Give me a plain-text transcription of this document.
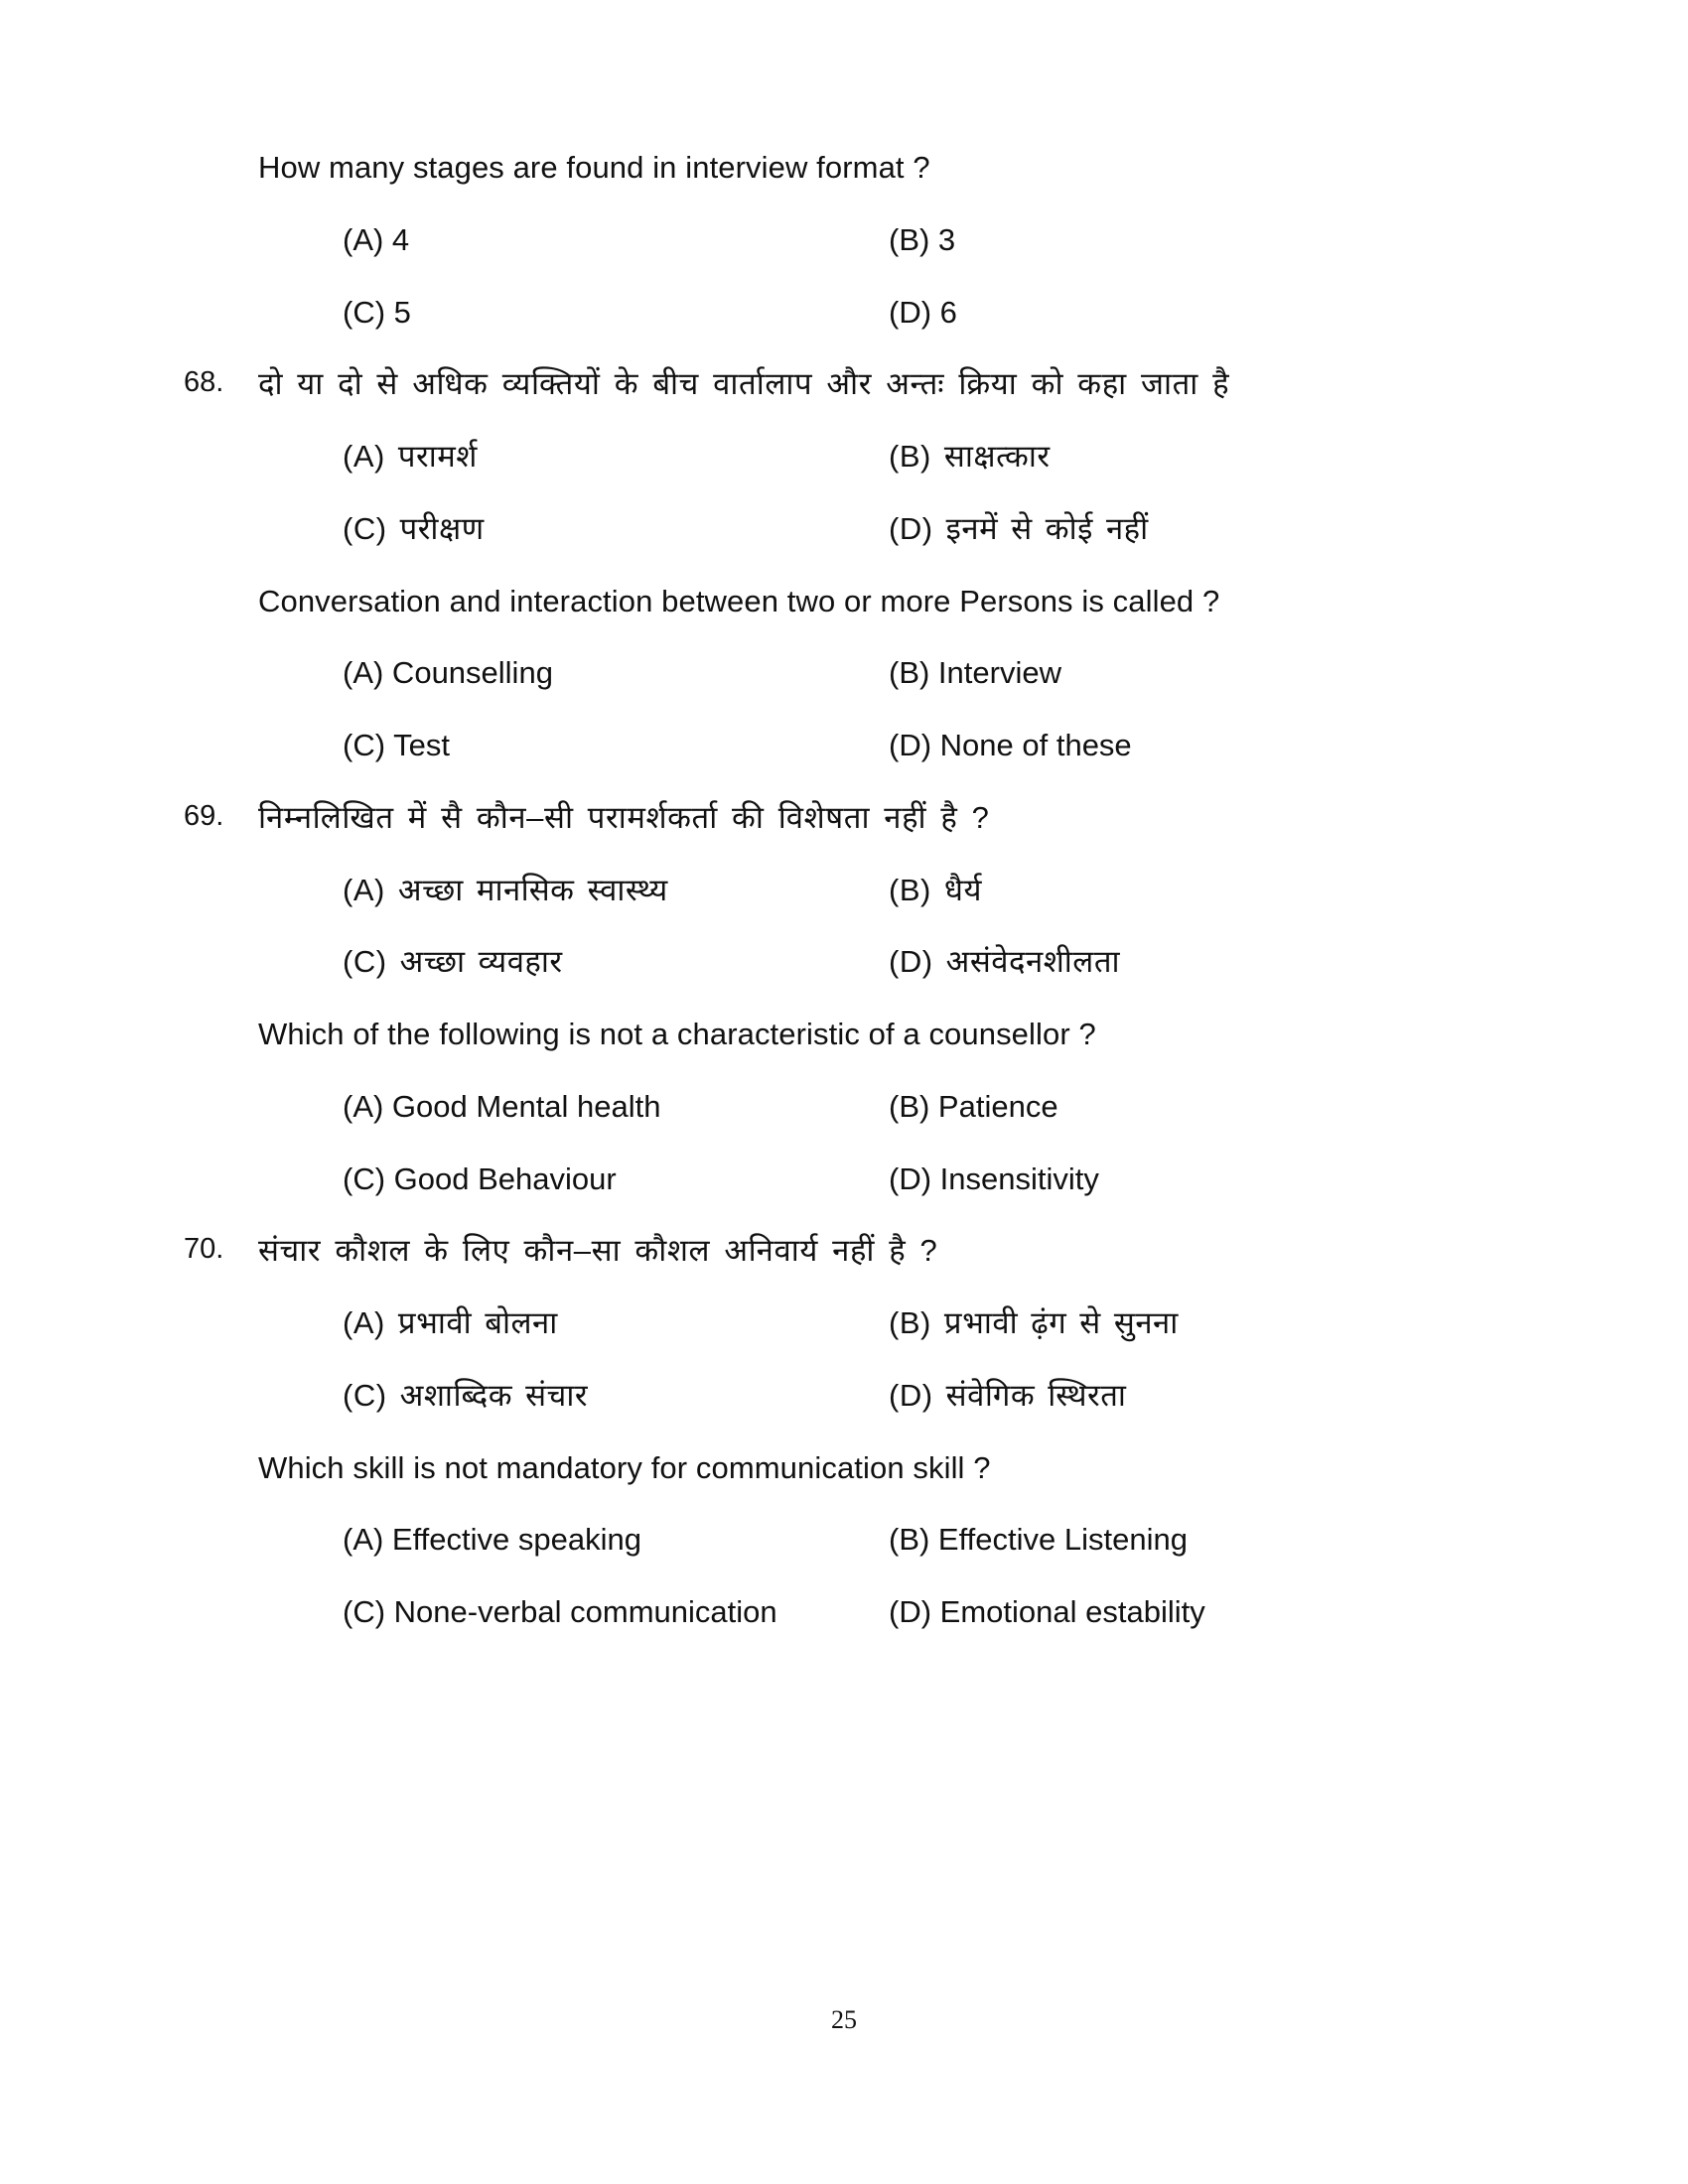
How many stages are found in interview format ?
(A) 4	(B) 3
(C) 5	(D) 6
68.	दो या दो से अधिक व्यक्तियों के बीच वार्तालाप और अन्तः क्रिया को कहा जाता है
(A) परामर्श	(B) साक्षत्कार
(C) परीक्षण	(D) इनमें से कोई नहीं
Conversation and interaction between two or more Persons is called ?
(A) Counselling	(B) Interview
(C) Test	(D) None of these
69.	निम्नलिखित में सै कौन–सी परामर्शकर्ता की विशेषता नहीं है ?
(A) अच्छा मानसिक स्वास्थ्य	(B) धैर्य
(C) अच्छा व्यवहार	(D) असंवेदनशीलता
Which of the following is not a characteristic of a counsellor ?
(A) Good Mental health	(B) Patience
(C) Good Behaviour	(D) Insensitivity
70.	संचार कौशल के लिए कौन–सा कौशल अनिवार्य नहीं है ?
(A) प्रभावी बोलना	(B) प्रभावी ढ़ंग से सुनना
(C) अशाब्दिक संचार	(D) संवेगिक स्थिरता
Which skill is not mandatory for communication skill ?
(A) Effective speaking	(B) Effective Listening
(C) None-verbal communication	(D) Emotional estability
25
